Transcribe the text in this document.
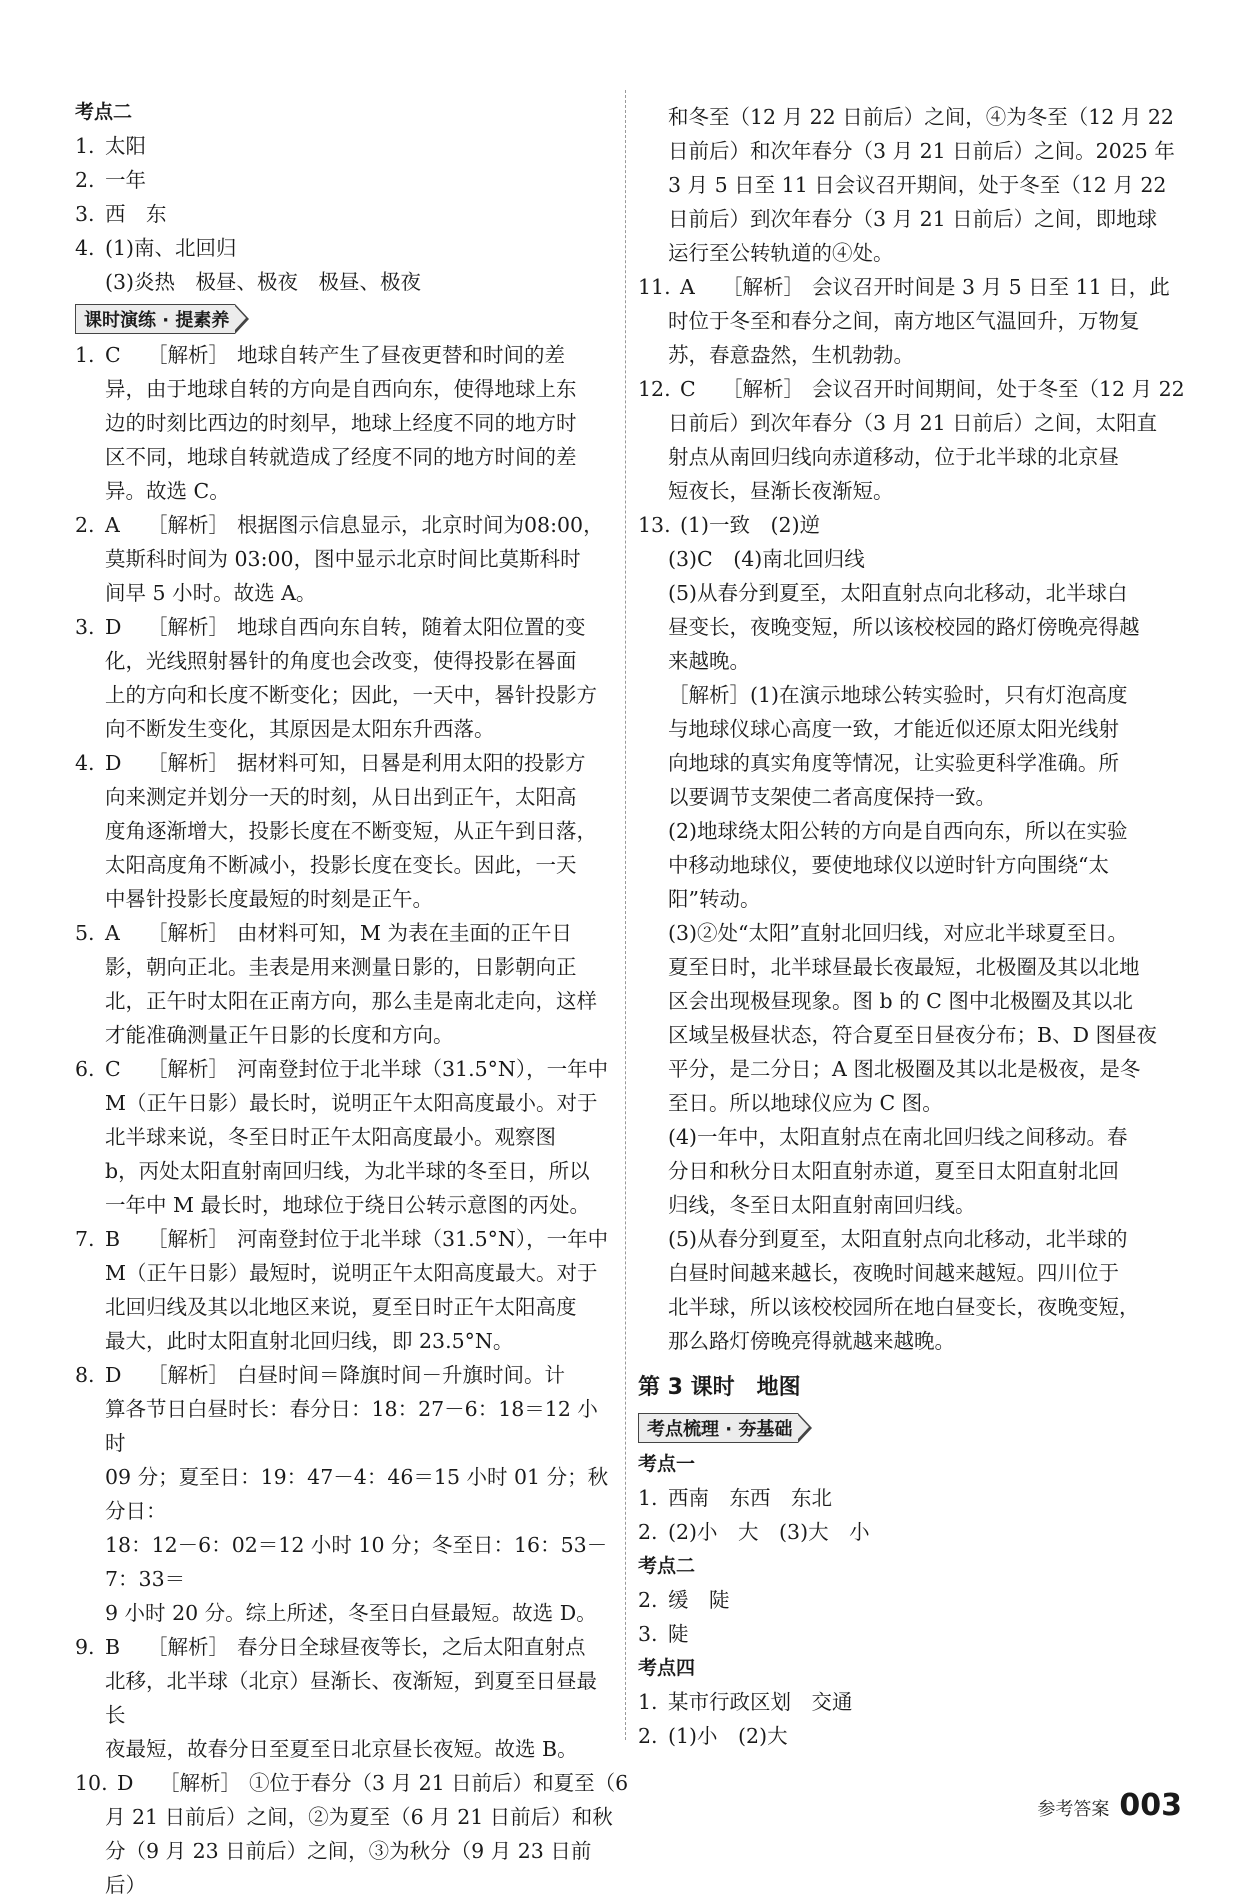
考点二
1. 太阳
2. 一年
3. 西　东
4. (1)南、北回归
(3)炎热　极昼、极夜　极昼、极夜
课时演练 · 提素养
1. C ［解析］ 地球自转产生了昼夜更替和时间的差
异，由于地球自转的方向是自西向东，使得地球上东
边的时刻比西边的时刻早，地球上经度不同的地方时
区不同，地球自转就造成了经度不同的地方时间的差
异。故选 C。
2. A ［解析］ 根据图示信息显示，北京时间为08:00，
莫斯科时间为 03:00，图中显示北京时间比莫斯科时
间早 5 小时。故选 A。
3. D ［解析］ 地球自西向东自转，随着太阳位置的变
化，光线照射晷针的角度也会改变，使得投影在晷面
上的方向和长度不断变化；因此，一天中，晷针投影方
向不断发生变化，其原因是太阳东升西落。
4. D ［解析］ 据材料可知，日晷是利用太阳的投影方
向来测定并划分一天的时刻，从日出到正午，太阳高
度角逐渐增大，投影长度在不断变短，从正午到日落，
太阳高度角不断减小，投影长度在变长。因此，一天
中晷针投影长度最短的时刻是正午。
5. A ［解析］ 由材料可知，M 为表在圭面的正午日
影，朝向正北。圭表是用来测量日影的，日影朝向正
北，正午时太阳在正南方向，那么圭是南北走向，这样
才能准确测量正午日影的长度和方向。
6. C ［解析］ 河南登封位于北半球（31.5°N），一年中
M（正午日影）最长时，说明正午太阳高度最小。对于
北半球来说，冬至日时正午太阳高度最小。观察图
b，丙处太阳直射南回归线，为北半球的冬至日，所以
一年中 M 最长时，地球位于绕日公转示意图的丙处。
7. B ［解析］ 河南登封位于北半球（31.5°N），一年中
M（正午日影）最短时，说明正午太阳高度最大。对于
北回归线及其以北地区来说，夏至日时正午太阳高度
最大，此时太阳直射北回归线，即 23.5°N。
8. D ［解析］ 白昼时间＝降旗时间－升旗时间。计
算各节日白昼时长：春分日：18：27－6：18＝12 小时
09 分；夏至日：19：47－4：46＝15 小时 01 分；秋分日：
18：12－6：02＝12 小时 10 分；冬至日：16：53－7：33＝
9 小时 20 分。综上所述，冬至日白昼最短。故选 D。
9. B ［解析］ 春分日全球昼夜等长，之后太阳直射点
北移，北半球（北京）昼渐长、夜渐短，到夏至日昼最长
夜最短，故春分日至夏至日北京昼长夜短。故选 B。
10. D ［解析］ ①位于春分（3 月 21 日前后）和夏至（6
月 21 日前后）之间，②为夏至（6 月 21 日前后）和秋
分（9 月 23 日前后）之间，③为秋分（9 月 23 日前后）
和冬至（12 月 22 日前后）之间，④为冬至（12 月 22
日前后）和次年春分（3 月 21 日前后）之间。2025 年
3 月 5 日至 11 日会议召开期间，处于冬至（12 月 22
日前后）到次年春分（3 月 21 日前后）之间，即地球
运行至公转轨道的④处。
11. A ［解析］ 会议召开时间是 3 月 5 日至 11 日，此
时位于冬至和春分之间，南方地区气温回升，万物复
苏，春意盎然，生机勃勃。
12. C ［解析］ 会议召开时间期间，处于冬至（12 月 22
日前后）到次年春分（3 月 21 日前后）之间，太阳直
射点从南回归线向赤道移动，位于北半球的北京昼
短夜长，昼渐长夜渐短。
13. (1)一致　(2)逆
(3)C　(4)南北回归线
(5)从春分到夏至，太阳直射点向北移动，北半球白
昼变长，夜晚变短，所以该校校园的路灯傍晚亮得越
来越晚。
［解析］(1)在演示地球公转实验时，只有灯泡高度
与地球仪球心高度一致，才能近似还原太阳光线射
向地球的真实角度等情况，让实验更科学准确。所
以要调节支架使二者高度保持一致。
(2)地球绕太阳公转的方向是自西向东，所以在实验
中移动地球仪，要使地球仪以逆时针方向围绕“太
阳”转动。
(3)②处“太阳”直射北回归线，对应北半球夏至日。
夏至日时，北半球昼最长夜最短，北极圈及其以北地
区会出现极昼现象。图 b 的 C 图中北极圈及其以北
区域呈极昼状态，符合夏至日昼夜分布；B、D 图昼夜
平分，是二分日；A 图北极圈及其以北是极夜，是冬
至日。所以地球仪应为 C 图。
(4)一年中，太阳直射点在南北回归线之间移动。春
分日和秋分日太阳直射赤道，夏至日太阳直射北回
归线，冬至日太阳直射南回归线。
(5)从春分到夏至，太阳直射点向北移动，北半球的
白昼时间越来越长，夜晚时间越来越短。四川位于
北半球，所以该校校园所在地白昼变长，夜晚变短，
那么路灯傍晚亮得就越来越晚。
第 3 课时 地图
考点梳理 · 夯基础
考点一
1. 西南　东西　东北
2. (2)小　大　(3)大　小
考点二
2. 缓　陡
3. 陡
考点四
1. 某市行政区划　交通
2. (1)小　(2)大
参考答案 003
